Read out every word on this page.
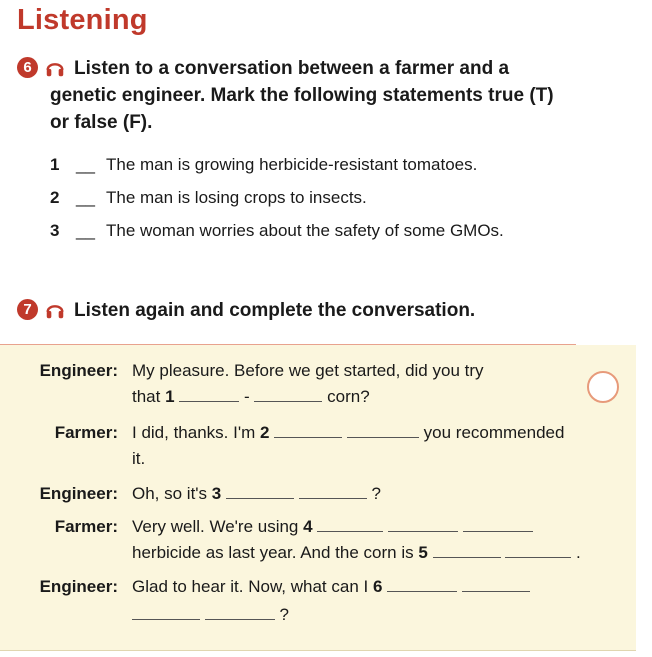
Listening
6	Listen to a conversation between a farmer and a

genetic engineer. Mark the following statements true (T)

or false (F).

1 __ The man is growing herbicide-resistant tomatoes.
2 __ The man is losing crops to insects.
3 __ The woman worries about the safety of some GMOs.
7	Listen again and complete the conversation.

Engineer: My pleasure. Before we get started, did you try
that 1	-	corn?
Farmer: I did, thanks. I'm 2	you recommended
it.
Engineer: Oh, so it's 3	?
Farmer: Very well. We're using 4
herbicide as last year. And the corn is 5	.
Engineer: Glad to hear it. Now, what can I 6
?
